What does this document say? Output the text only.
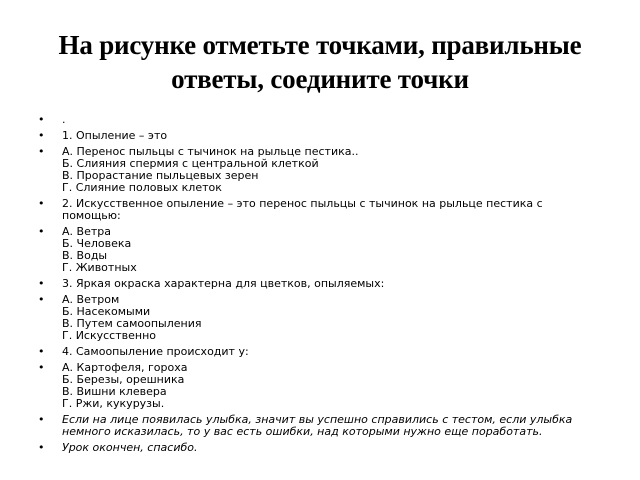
На рисунке отметьте точками, правильные
ответы, соедините точки
• .
• 1. Опыление – это
• А. Перенос пыльцы с тычинок на рыльце пестика..
Б. Слияния спермия с центральной клеткой
В. Прорастание пыльцевых зерен
Г. Слияние половых клеток
• 2. Искусственное опыление – это перенос пыльцы с тычинок на рыльце пестика с
помощью:
• А. Ветра
Б. Человека
В. Воды
Г. Животных
• 3. Яркая окраска характерна для цветков, опыляемых:
• А. Ветром
Б. Насекомыми
В. Путем самоопыления
Г. Искусственно
• 4. Самоопыление происходит у:
• А. Картофеля, гороха
Б. Березы, орешника
В. Вишни клевера
Г. Ржи, кукурузы.
• Если на лице появилась улыбка, значит вы успешно справились с тестом, если улыбка
немного исказилась, то у вас есть ошибки, над которыми нужно еще поработать.
• Урок окончен, спасибо.
